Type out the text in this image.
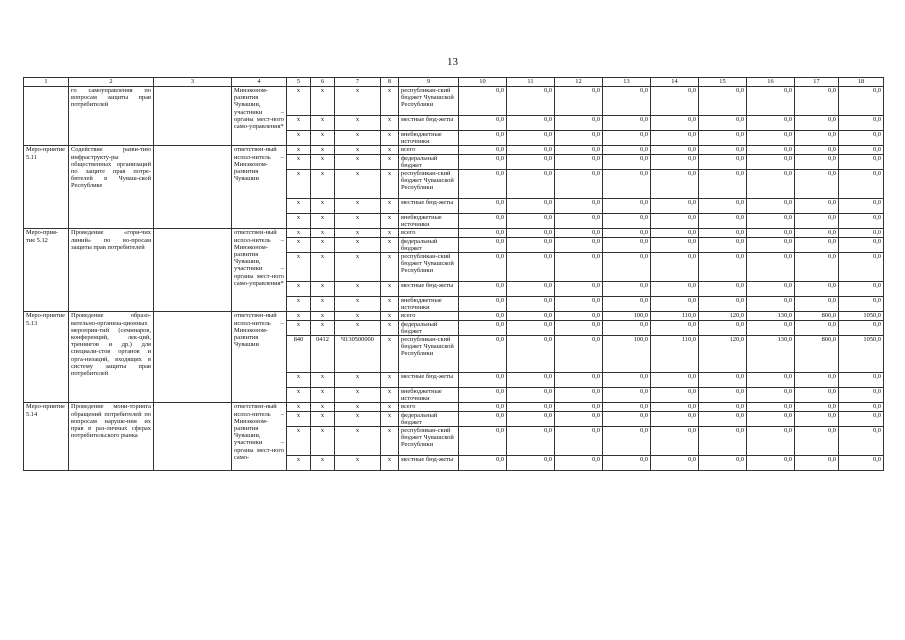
13
1	2	3	4	5	6	7	8	9	10	11	12	13	14	15	16	17	18
	го самоуправления по вопросам защиты прав потребителей		Минэконом-развития Чувашии, участники – органы мест-ного само-управления*	х	х	х	х	республикан-ский бюджет Чувашской Республики	0,0	0,0	0,0	0,0	0,0	0,0	0,0	0,0	0,0
				х	х	х	х	местные бюд-жеты	0,0	0,0	0,0	0,0	0,0	0,0	0,0	0,0	0,0
				х	х	х	х	внебюджетные источники	0,0	0,0	0,0	0,0	0,0	0,0	0,0	0,0	0,0
Меро-приятие 5.11	Содействие разви-тию инфраструкту-ры общественных организаций по защите прав потре-бителей в Чуваш-ской Республике		ответствен-ный испол-нитель – Минэконом-развития Чувашии	х	х	х	х	всего	0,0	0,0	0,0	0,0	0,0	0,0	0,0	0,0	0,0
				х	х	х	х	федеральный бюджет	0,0	0,0	0,0	0,0	0,0	0,0	0,0	0,0	0,0
				х	х	х	х	республикан-ский бюджет Чувашской Республики	0,0	0,0	0,0	0,0	0,0	0,0	0,0	0,0	0,0
				х	х	х	х	местные бюд-жеты	0,0	0,0	0,0	0,0	0,0	0,0	0,0	0,0	0,0
				х	х	х	х	внебюджетные источники	0,0	0,0	0,0	0,0	0,0	0,0	0,0	0,0	0,0
Меро-прия-тие 5.12	Проведение «горя-чих линий» по во-просам защиты прав потребителей		ответствен-ный испол-нитель – Минэконом-развития Чувашии, участники – органы мест-ного само-управления*	х	х	х	х	всего	0,0	0,0	0,0	0,0	0,0	0,0	0,0	0,0	0,0
				х	х	х	х	федеральный бюджет	0,0	0,0	0,0	0,0	0,0	0,0	0,0	0,0	0,0
				х	х	х	х	республикан-ский бюджет Чувашской Республики	0,0	0,0	0,0	0,0	0,0	0,0	0,0	0,0	0,0
				х	х	х	х	местные бюд-жеты	0,0	0,0	0,0	0,0	0,0	0,0	0,0	0,0	0,0
				х	х	х	х	внебюджетные источники	0,0	0,0	0,0	0,0	0,0	0,0	0,0	0,0	0,0
Меро-приятие 5.13	Проведение образо-вательно-организа-ционных мероприя-тий (семинаров, конференций, лек-ций, тренингов и др.) для специали-стов органов и орга-низаций, входящих в систему защиты прав потребителей		ответствен-ный испол-нитель – Минэконом-развития Чувашии	х	х	х	х	всего	0,0	0,0	0,0	100,0	110,0	120,0	130,0	800,0	1050,0
				х	х	х	х	федеральный бюджет	0,0	0,0	0,0	0,0	0,0	0,0	0,0	0,0	0,0
				840	0412	Ч130500000	х	республикан-ский бюджет Чувашской Республики	0,0	0,0	0,0	100,0	110,0	120,0	130,0	800,0	1050,0
				х	х	х	х	местные бюд-жеты	0,0	0,0	0,0	0,0	0,0	0,0	0,0	0,0	0,0
				х	х	х	х	внебюджетные источники	0,0	0,0	0,0	0,0	0,0	0,0	0,0	0,0	0,0
Меро-приятие 5.14	Проведение мони-торинга обращений потребителей по вопросам наруше-ния их прав в раз-личных сферах потребительского рынка		ответствен-ный испол-нитель – Минэконом-развития Чувашии, участники – органы мест-ного само-	х	х	х	х	всего	0,0	0,0	0,0	0,0	0,0	0,0	0,0	0,0	0,0
				х	х	х	х	федеральный бюджет	0,0	0,0	0,0	0,0	0,0	0,0	0,0	0,0	0,0
				х	х	х	х	республикан-ский бюджет Чувашской Республики	0,0	0,0	0,0	0,0	0,0	0,0	0,0	0,0	0,0
				х	х	х	х	местные бюд-жеты	0,0	0,0	0,0	0,0	0,0	0,0	0,0	0,0	0,0
